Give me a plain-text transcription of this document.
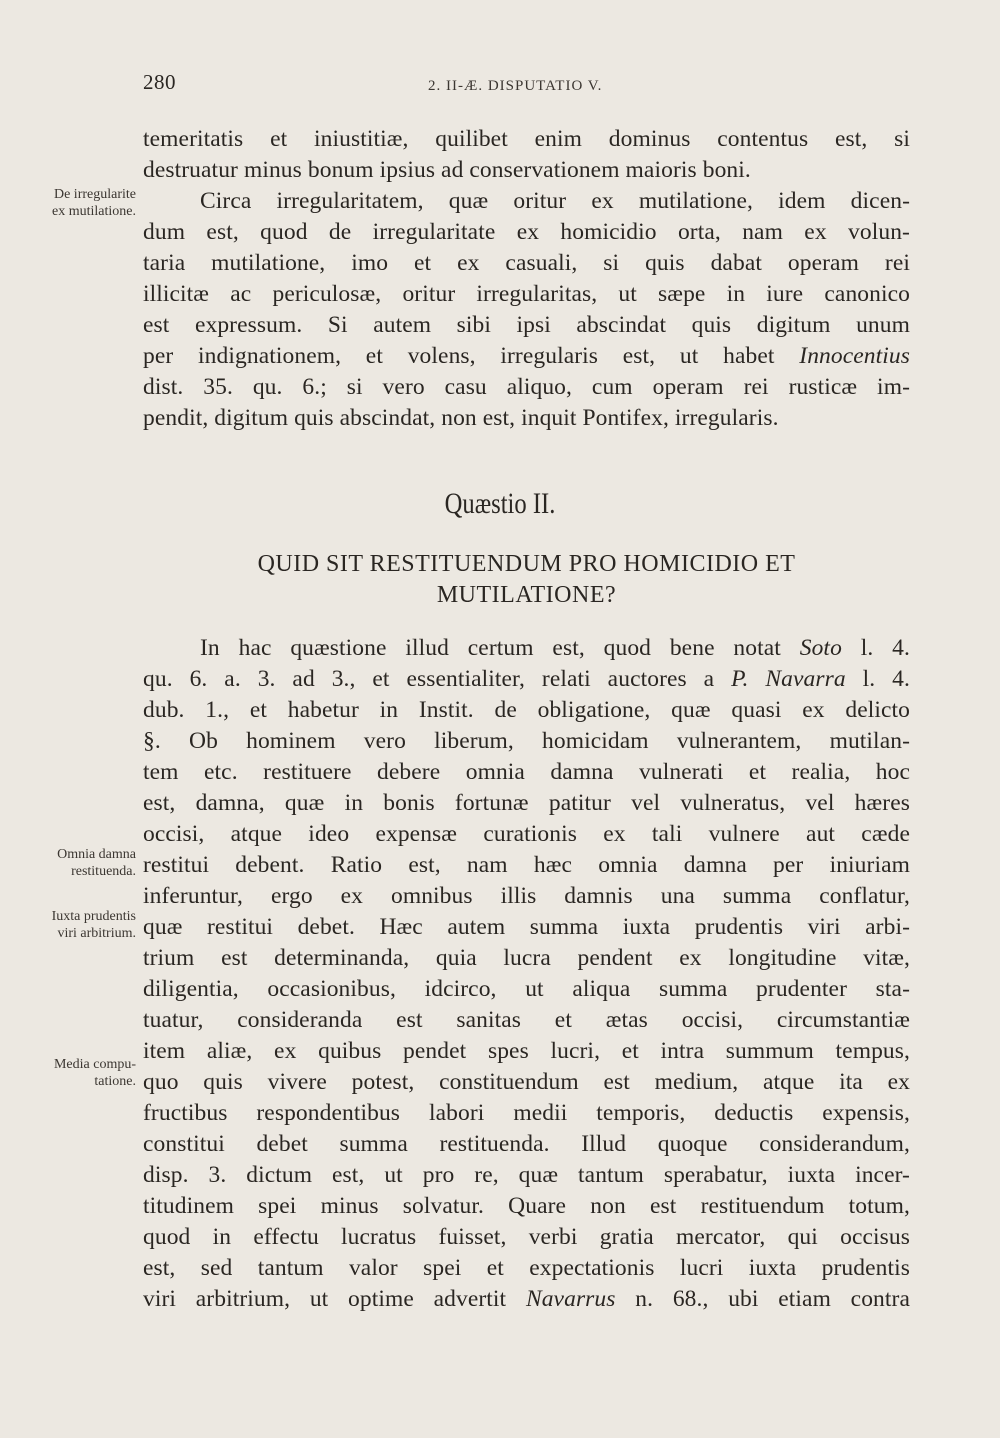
280	2. II-Æ. DISPUTATIO V.
De irregularite
ex mutilatione.
Omnia damna
restituenda.
Iuxta prudentis
viri arbitrium.
Media compu-
tatione.
temeritatis et iniustitiæ, quilibet enim dominus contentus est, si
destruatur minus bonum ipsius ad conservationem maioris boni.
Circa irregularitatem, quæ oritur ex mutilatione, idem dicen-
dum est, quod de irregularitate ex homicidio orta, nam ex volun-
taria mutilatione, imo et ex casuali, si quis dabat operam rei
illicitæ ac periculosæ, oritur irregularitas, ut sæpe in iure canonico
est expressum. Si autem sibi ipsi abscindat quis digitum unum
per indignationem, et volens, irregularis est, ut habet Innocentius
dist. 35. qu. 6.; si vero casu aliquo, cum operam rei rusticæ im-
pendit, digitum quis abscindat, non est, inquit Pontifex, irregularis.
Quæstio II.
QUID SIT RESTITUENDUM PRO HOMICIDIO ET
MUTILATIONE?
In hac quæstione illud certum est, quod bene notat Soto l. 4.
qu. 6. a. 3. ad 3., et essentialiter, relati auctores a P. Navarra l. 4.
dub. 1., et habetur in Instit. de obligatione, quæ quasi ex delicto
§. Ob hominem vero liberum, homicidam vulnerantem, mutilan-
tem etc. restituere debere omnia damna vulnerati et realia, hoc
est, damna, quæ in bonis fortunæ patitur vel vulneratus, vel hæres
occisi, atque ideo expensæ curationis ex tali vulnere aut cæde
restitui debent. Ratio est, nam hæc omnia damna per iniuriam
inferuntur, ergo ex omnibus illis damnis una summa conflatur,
quæ restitui debet. Hæc autem summa iuxta prudentis viri arbi-
trium est determinanda, quia lucra pendent ex longitudine vitæ,
diligentia, occasionibus, idcirco, ut aliqua summa prudenter sta-
tuatur, consideranda est sanitas et ætas occisi, circumstantiæ
item aliæ, ex quibus pendet spes lucri, et intra summum tempus,
quo quis vivere potest, constituendum est medium, atque ita ex
fructibus respondentibus labori medii temporis, deductis expensis,
constitui debet summa restituenda. Illud quoque considerandum,
disp. 3. dictum est, ut pro re, quæ tantum sperabatur, iuxta incer-
titudinem spei minus solvatur. Quare non est restituendum totum,
quod in effectu lucratus fuisset, verbi gratia mercator, qui occisus
est, sed tantum valor spei et expectationis lucri iuxta prudentis
viri arbitrium, ut optime advertit Navarrus n. 68., ubi etiam contra
